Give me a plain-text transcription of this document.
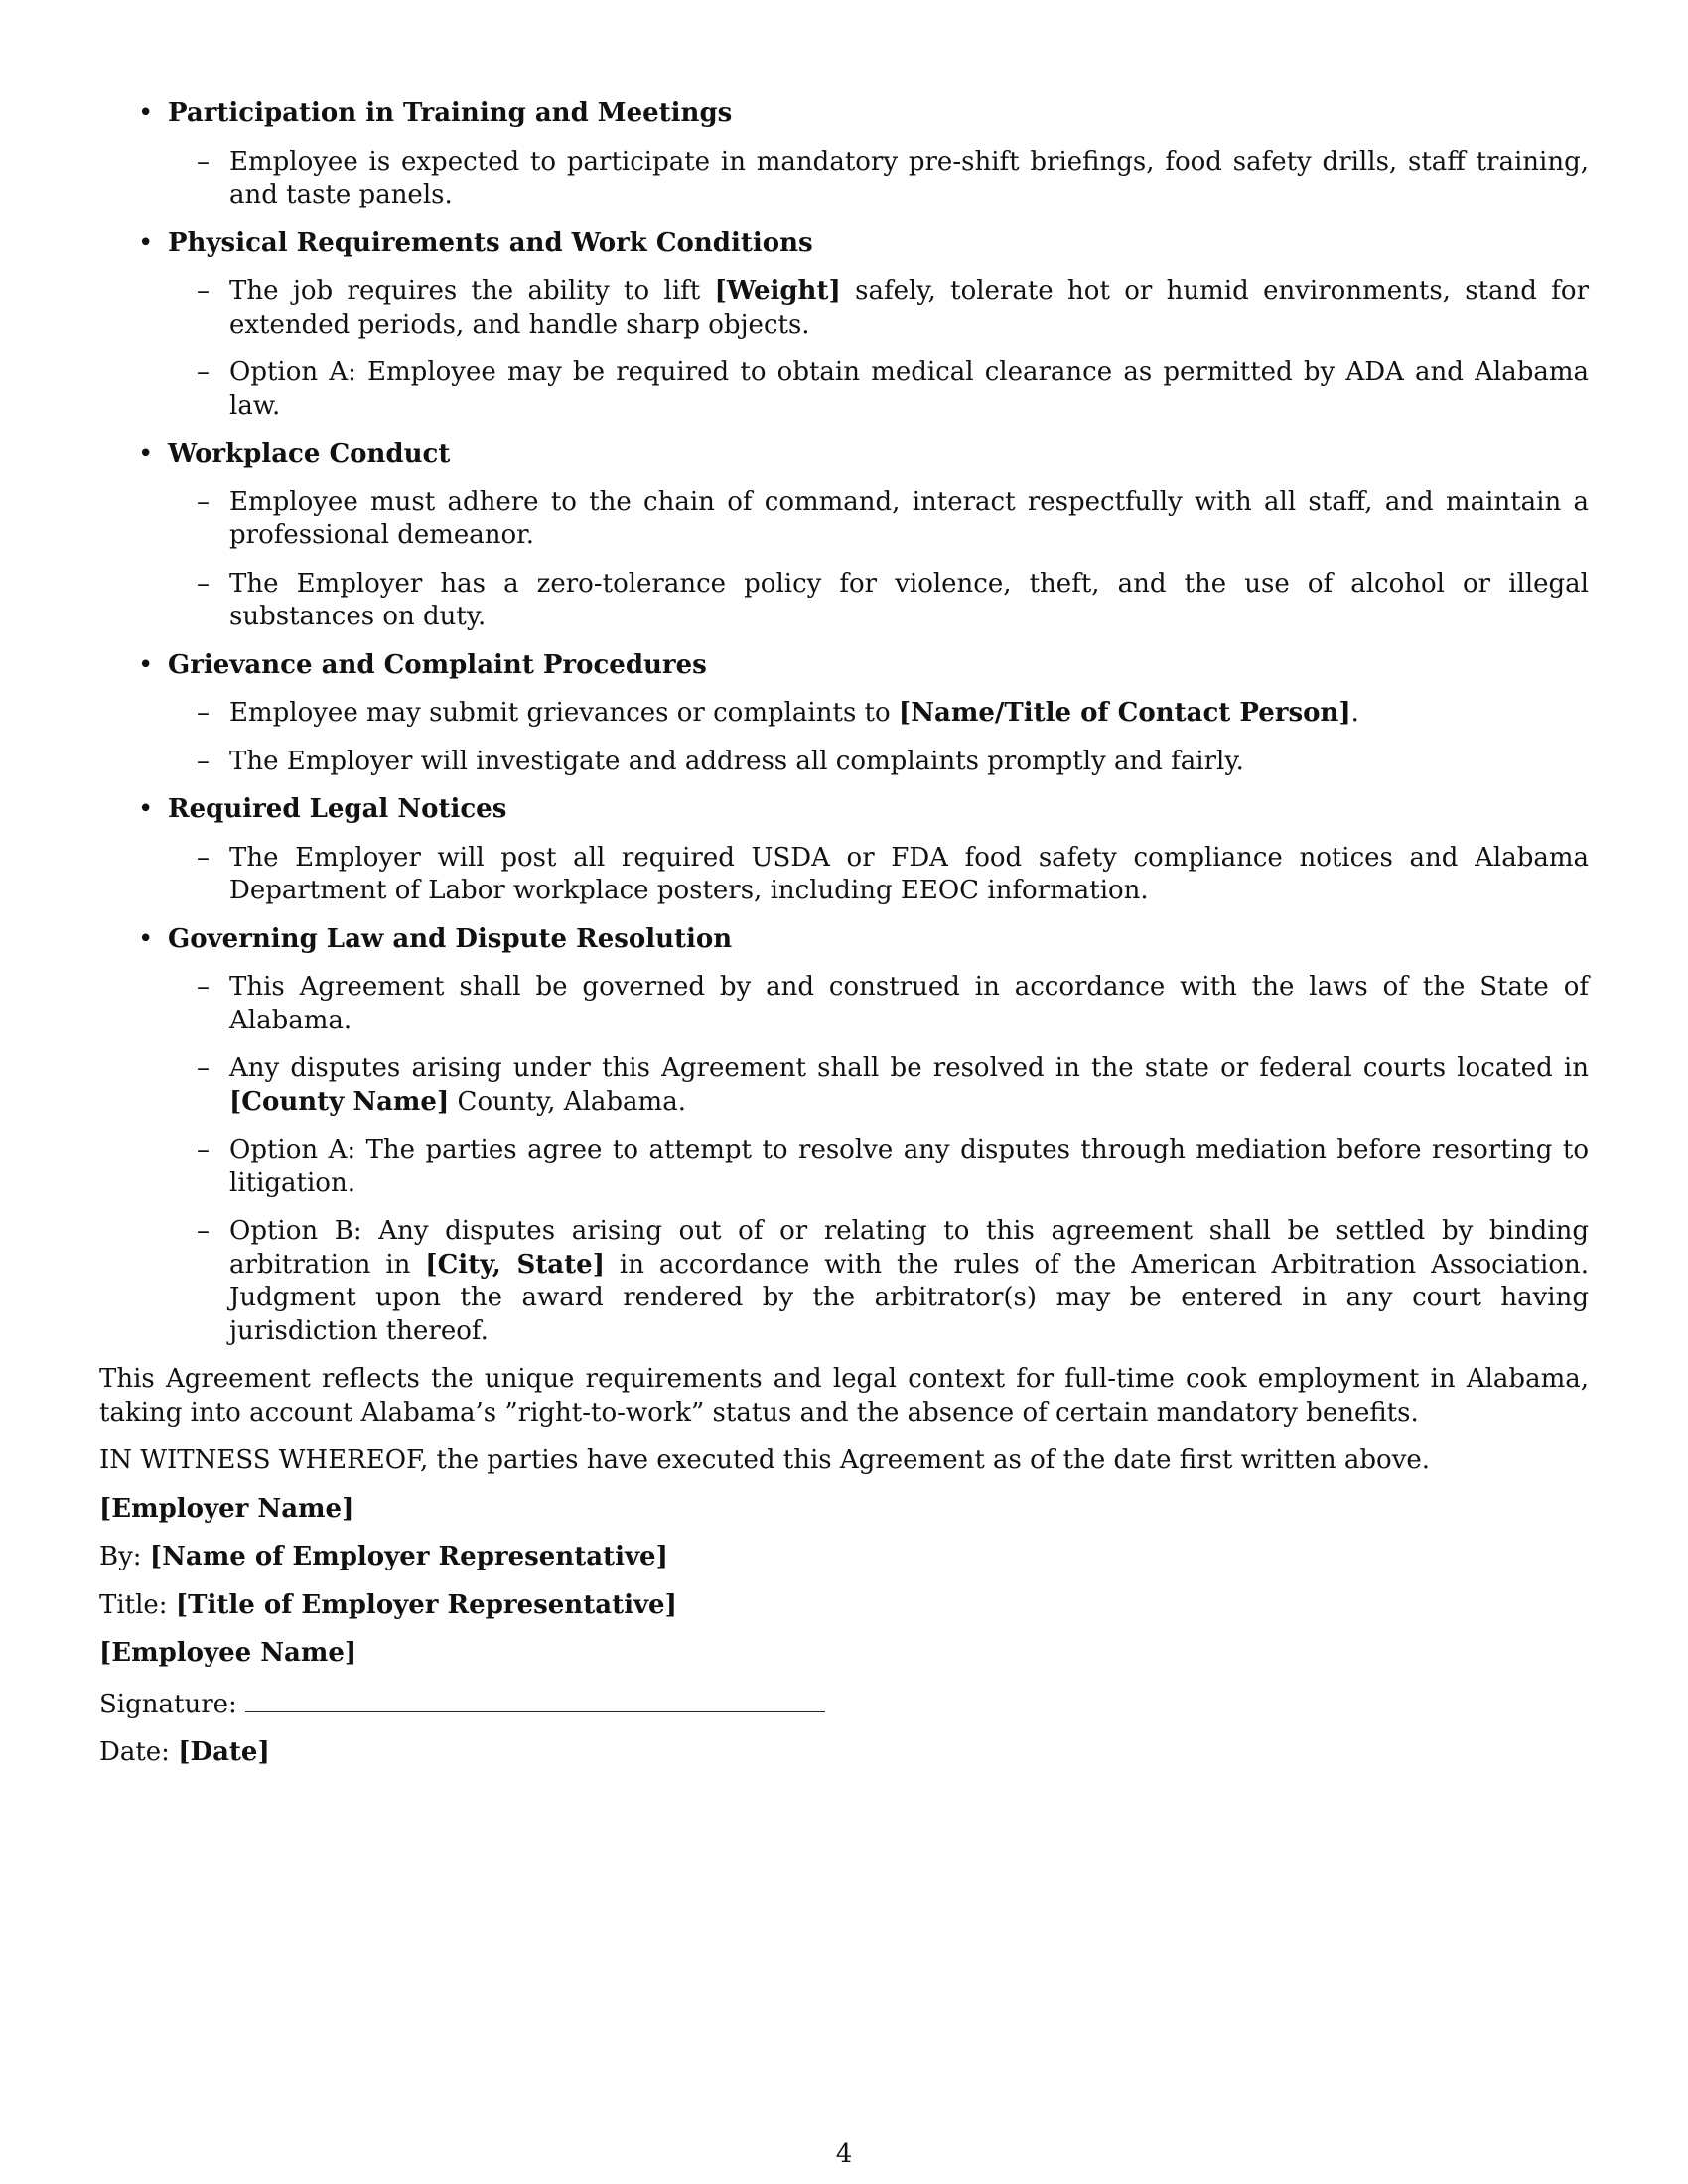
• Participation in Training and Meetings
– Employee is expected to participate in mandatory pre-shift briefings, food safety drills, staff training, and taste panels.
• Physical Requirements and Work Conditions
– The job requires the ability to lift [Weight] safely, tolerate hot or humid environments, stand for extended periods, and handle sharp objects.
– Option A: Employee may be required to obtain medical clearance as permitted by ADA and Alabama law.
• Workplace Conduct
– Employee must adhere to the chain of command, interact respectfully with all staff, and maintain a professional demeanor.
– The Employer has a zero-tolerance policy for violence, theft, and the use of alcohol or illegal substances on duty.
• Grievance and Complaint Procedures
– Employee may submit grievances or complaints to [Name/Title of Contact Person].
– The Employer will investigate and address all complaints promptly and fairly.
• Required Legal Notices
– The Employer will post all required USDA or FDA food safety compliance notices and Alabama Department of Labor workplace posters, including EEOC information.
• Governing Law and Dispute Resolution
– This Agreement shall be governed by and construed in accordance with the laws of the State of Alabama.
– Any disputes arising under this Agreement shall be resolved in the state or federal courts located in [County Name] County, Alabama.
– Option A: The parties agree to attempt to resolve any disputes through mediation before resorting to litigation.
– Option B: Any disputes arising out of or relating to this agreement shall be settled by binding arbitration in [City, State] in accordance with the rules of the American Arbitration Association. Judgment upon the award rendered by the arbitrator(s) may be entered in any court having jurisdiction thereof.

This Agreement reflects the unique requirements and legal context for full-time cook employment in Alabama, taking into account Alabama’s ”right-to-work” status and the absence of certain mandatory benefits.

IN WITNESS WHEREOF, the parties have executed this Agreement as of the date first written above.

[Employer Name]

By: [Name of Employer Representative]

Title: [Title of Employer Representative]

[Employee Name]

Signature:

Date: [Date]

4
